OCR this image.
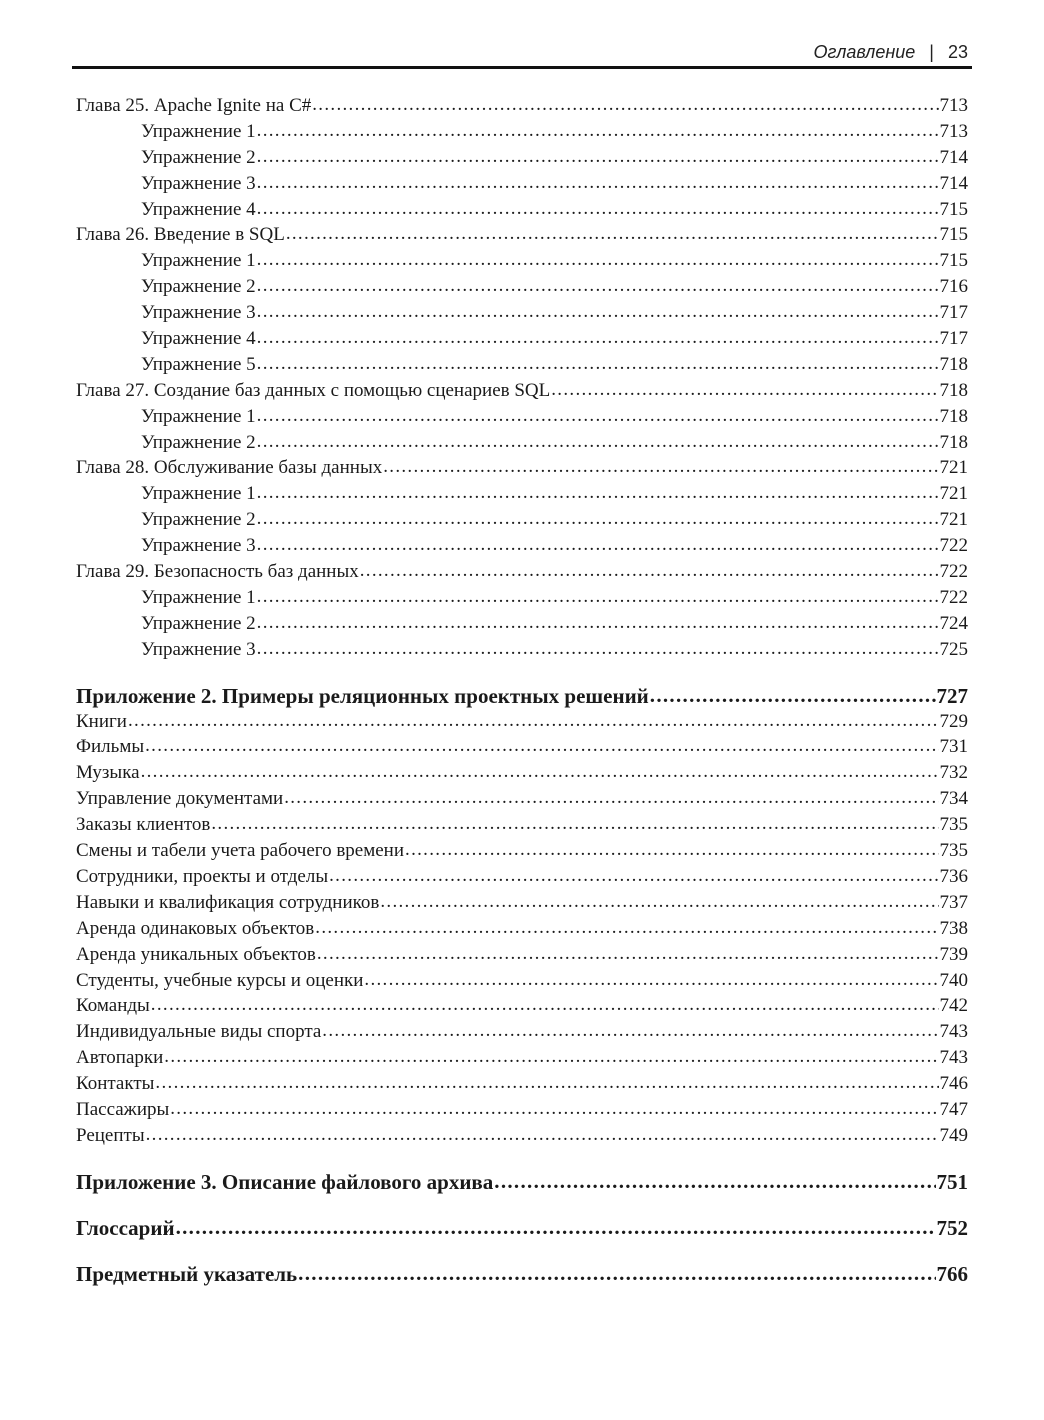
Оглавление | 23
Глава 25. Apache Ignite на C# .....	713
Упражнение 1 .....	713
Упражнение 2 .....	714
Упражнение 3 .....	714
Упражнение 4 .....	715
Глава 26. Введение в SQL .....	715
Упражнение 1 .....	715
Упражнение 2 .....	716
Упражнение 3 .....	717
Упражнение 4 .....	717
Упражнение 5 .....	718
Глава 27. Создание баз данных с помощью сценариев SQL .....	718
Упражнение 1 .....	718
Упражнение 2 .....	718
Глава 28. Обслуживание базы данных .....	721
Упражнение 1 .....	721
Упражнение 2 .....	721
Упражнение 3 .....	722
Глава 29. Безопасность баз данных .....	722
Упражнение 1 .....	722
Упражнение 2 .....	724
Упражнение 3 .....	725
Приложение 2. Примеры реляционных проектных решений .....	727
Книги .....	729
Фильмы .....	731
Музыка .....	732
Управление документами .....	734
Заказы клиентов .....	735
Смены и табели учета рабочего времени .....	735
Сотрудники, проекты и отделы .....	736
Навыки и квалификация сотрудников .....	737
Аренда одинаковых объектов .....	738
Аренда уникальных объектов .....	739
Студенты, учебные курсы и оценки .....	740
Команды .....	742
Индивидуальные виды спорта .....	743
Автопарки .....	743
Контакты .....	746
Пассажиры .....	747
Рецепты .....	749
Приложение 3. Описание файлового архива .....	751
Глоссарий .....	752
Предметный указатель .....	766
